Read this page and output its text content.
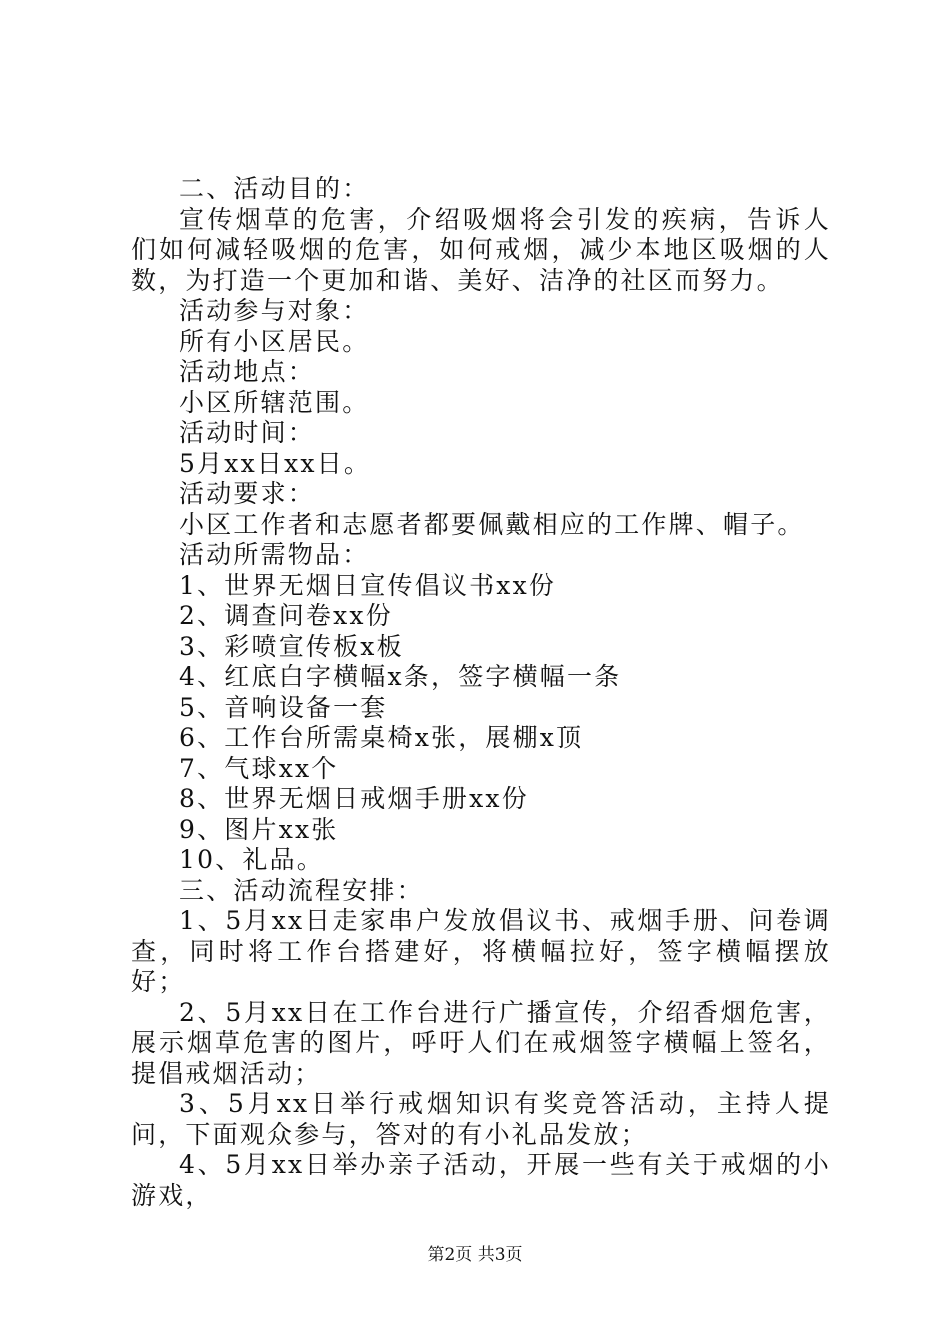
二、活动目的：

宣传烟草的危害，介绍吸烟将会引发的疾病，告诉人们如何减轻吸烟的危害，如何戒烟，减少本地区吸烟的人数，为打造一个更加和谐、美好、洁净的社区而努力。

活动参与对象：

所有小区居民。

活动地点：

小区所辖范围。

活动时间：

5月xx日xx日。

活动要求：

小区工作者和志愿者都要佩戴相应的工作牌、帽子。

活动所需物品：

1、世界无烟日宣传倡议书xx份

2、调查问卷xx份

3、彩喷宣传板x板

4、红底白字横幅x条，签字横幅一条

5、音响设备一套

6、工作台所需桌椅x张，展棚x顶

7、气球xx个

8、世界无烟日戒烟手册xx份

9、图片xx张

10、礼品。

三、活动流程安排：

1、5月xx日走家串户发放倡议书、戒烟手册、问卷调查，同时将工作台搭建好，将横幅拉好，签字横幅摆放好；

2、5月xx日在工作台进行广播宣传，介绍香烟危害，展示烟草危害的图片，呼吁人们在戒烟签字横幅上签名，提倡戒烟活动；

3、5月xx日举行戒烟知识有奖竞答活动，主持人提问，下面观众参与，答对的有小礼品发放；

4、5月xx日举办亲子活动，开展一些有关于戒烟的小游戏，

第2页 共3页
